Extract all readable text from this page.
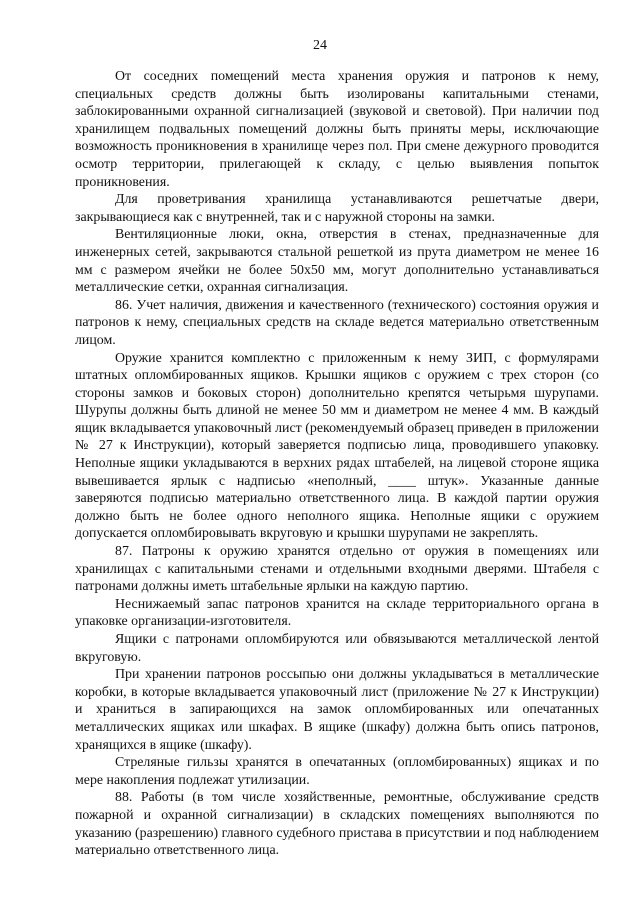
24

От соседних помещений места хранения оружия и патронов к нему, специальных средств должны быть изолированы капитальными стенами, заблокированными охранной сигнализацией (звуковой и световой). При наличии под хранилищем подвальных помещений должны быть приняты меры, исключающие возможность проникновения в хранилище через пол. При смене дежурного проводится осмотр территории, прилегающей к складу, с целью выявления попыток проникновения.

Для проветривания хранилища устанавливаются решетчатые двери, закрывающиеся как с внутренней, так и с наружной стороны на замки.

Вентиляционные люки, окна, отверстия в стенах, предназначенные для инженерных сетей, закрываются стальной решеткой из прута диаметром не менее 16 мм с размером ячейки не более 50х50 мм, могут дополнительно устанавливаться металлические сетки, охранная сигнализация.

86. Учет наличия, движения и качественного (технического) состояния оружия и патронов к нему, специальных средств на складе ведется материально ответственным лицом.

Оружие хранится комплектно с приложенным к нему ЗИП, с формулярами штатных опломбированных ящиков. Крышки ящиков с оружием с трех сторон (со стороны замков и боковых сторон) дополнительно крепятся четырьмя шурупами. Шурупы должны быть длиной не менее 50 мм и диаметром не менее 4 мм. В каждый ящик вкладывается упаковочный лист (рекомендуемый образец приведен в приложении № 27 к Инструкции), который заверяется подписью лица, проводившего упаковку. Неполные ящики укладываются в верхних рядах штабелей, на лицевой стороне ящика вывешивается ярлык с надписью «неполный, ____ штук». Указанные данные заверяются подписью материально ответственного лица. В каждой партии оружия должно быть не более одного неполного ящика. Неполные ящики с оружием допускается опломбировывать вкруговую и крышки шурупами не закреплять.

87. Патроны к оружию хранятся отдельно от оружия в помещениях или хранилищах с капитальными стенами и отдельными входными дверями. Штабеля с патронами должны иметь штабельные ярлыки на каждую партию.

Неснижаемый запас патронов хранится на складе территориального органа в упаковке организации-изготовителя.

Ящики с патронами опломбируются или обвязываются металлической лентой вкруговую.

При хранении патронов россыпью они должны укладываться в металлические коробки, в которые вкладывается упаковочный лист (приложение № 27 к Инструкции) и храниться в запирающихся на замок опломбированных или опечатанных металлических ящиках или шкафах. В ящике (шкафу) должна быть опись патронов, хранящихся в ящике (шкафу).

Стреляные гильзы хранятся в опечатанных (опломбированных) ящиках и по мере накопления подлежат утилизации.

88. Работы (в том числе хозяйственные, ремонтные, обслуживание средств пожарной и охранной сигнализации) в складских помещениях выполняются по указанию (разрешению) главного судебного пристава в присутствии и под наблюдением материально ответственного лица.
